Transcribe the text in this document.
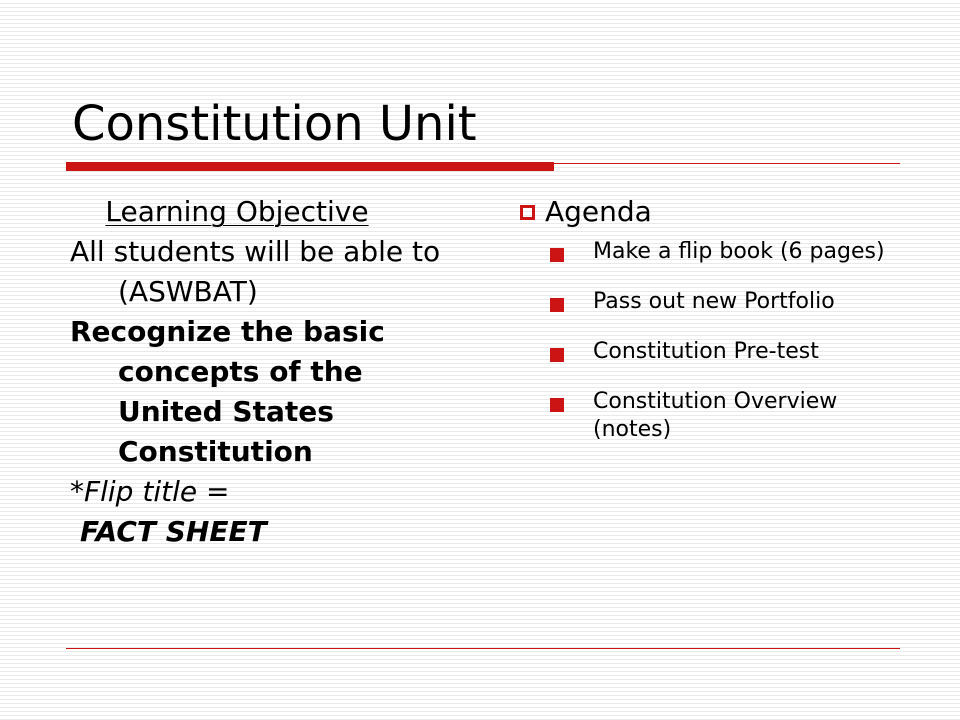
Constitution Unit
Learning Objective

All students will be able to (ASWBAT)

Recognize the basic concepts of the United States Constitution

*Flip title =

FACT SHEET

Agenda
Make a flip book (6 pages)
Pass out new Portfolio
Constitution Pre-test
Constitution Overview (notes)
